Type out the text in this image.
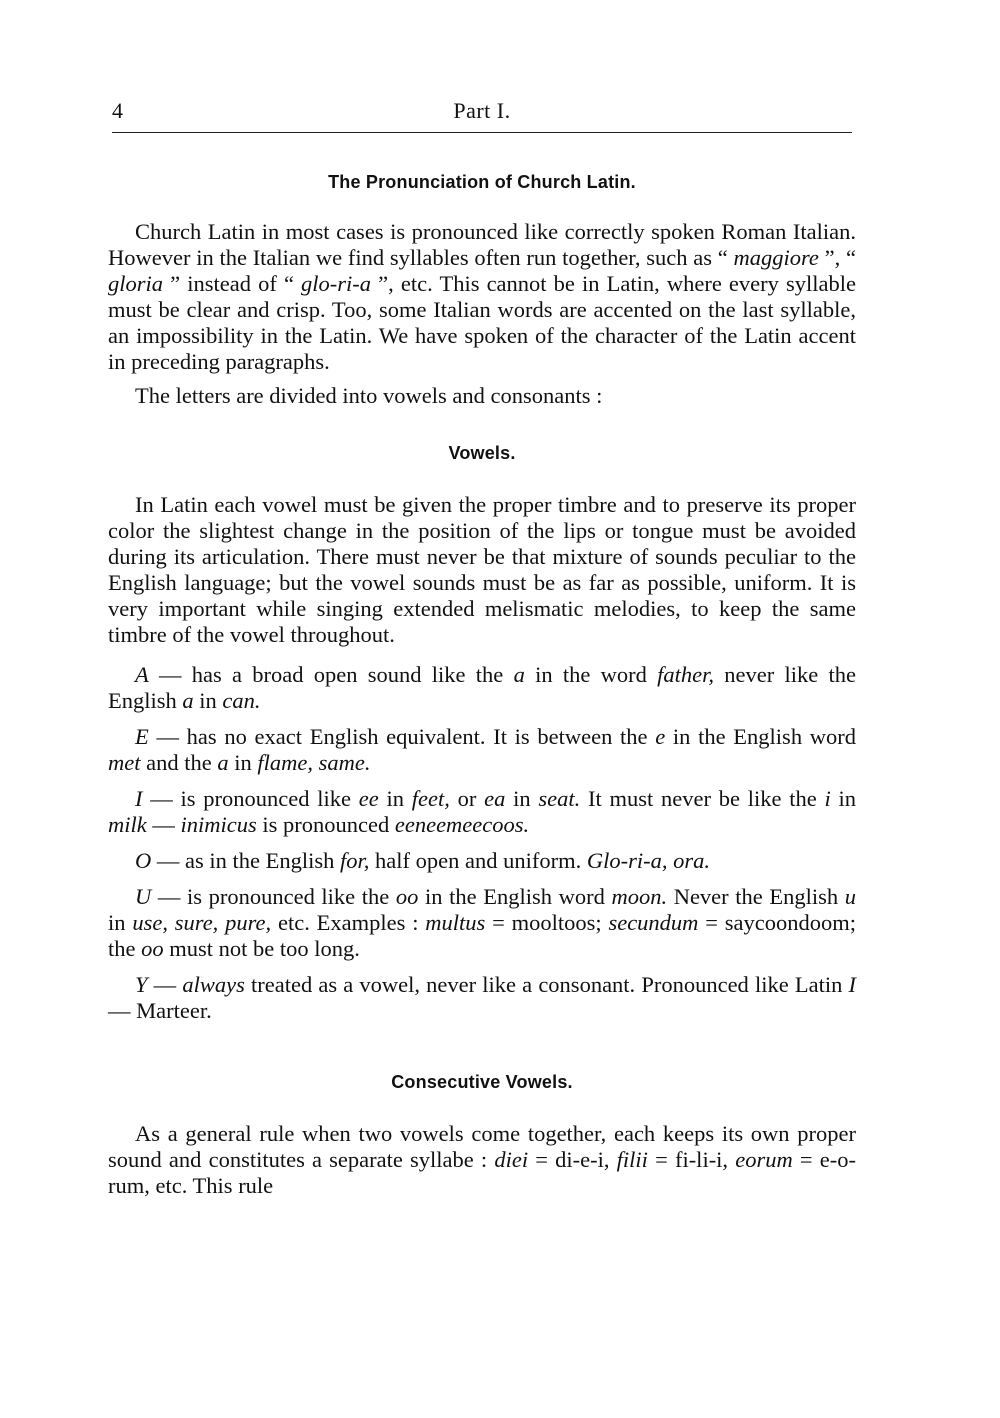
4	Part I.
The Pronunciation of Church Latin.

Church Latin in most cases is pronounced like correctly spoken Roman Italian. However in the Italian we find syllables often run together, such as “ maggiore ”, “ gloria ” instead of “ glo-ri-a ”, etc. This cannot be in Latin, where every syllable must be clear and crisp. Too, some Italian words are accented on the last syllable, an impossibility in the Latin. We have spoken of the character of the Latin accent in preceding paragraphs.

The letters are divided into vowels and consonants :

Vowels.

In Latin each vowel must be given the proper timbre and to preserve its proper color the slightest change in the position of the lips or tongue must be avoided during its articulation. There must never be that mixture of sounds peculiar to the English language; but the vowel sounds must be as far as possible, uniform. It is very important while singing extended melismatic melodies, to keep the same timbre of the vowel throughout.

A — has a broad open sound like the a in the word father, never like the English a in can.

E — has no exact English equivalent. It is between the e in the English word met and the a in flame, same.

I — is pronounced like ee in feet, or ea in seat. It must never be like the i in milk — inimicus is pronounced eeneemeecoos.

O — as in the English for, half open and uniform. Glo-ri-a, ora.

U — is pronounced like the oo in the English word moon. Never the English u in use, sure, pure, etc. Examples : multus = mooltoos; secundum = saycoondoom; the oo must not be too long.

Y — always treated as a vowel, never like a consonant. Pronounced like Latin I — Marteer.

Consecutive Vowels.

As a general rule when two vowels come together, each keeps its own proper sound and constitutes a separate syllabe : diei = di-e-i, filii = fi-li-i, eorum = e-o-rum, etc. This rule
